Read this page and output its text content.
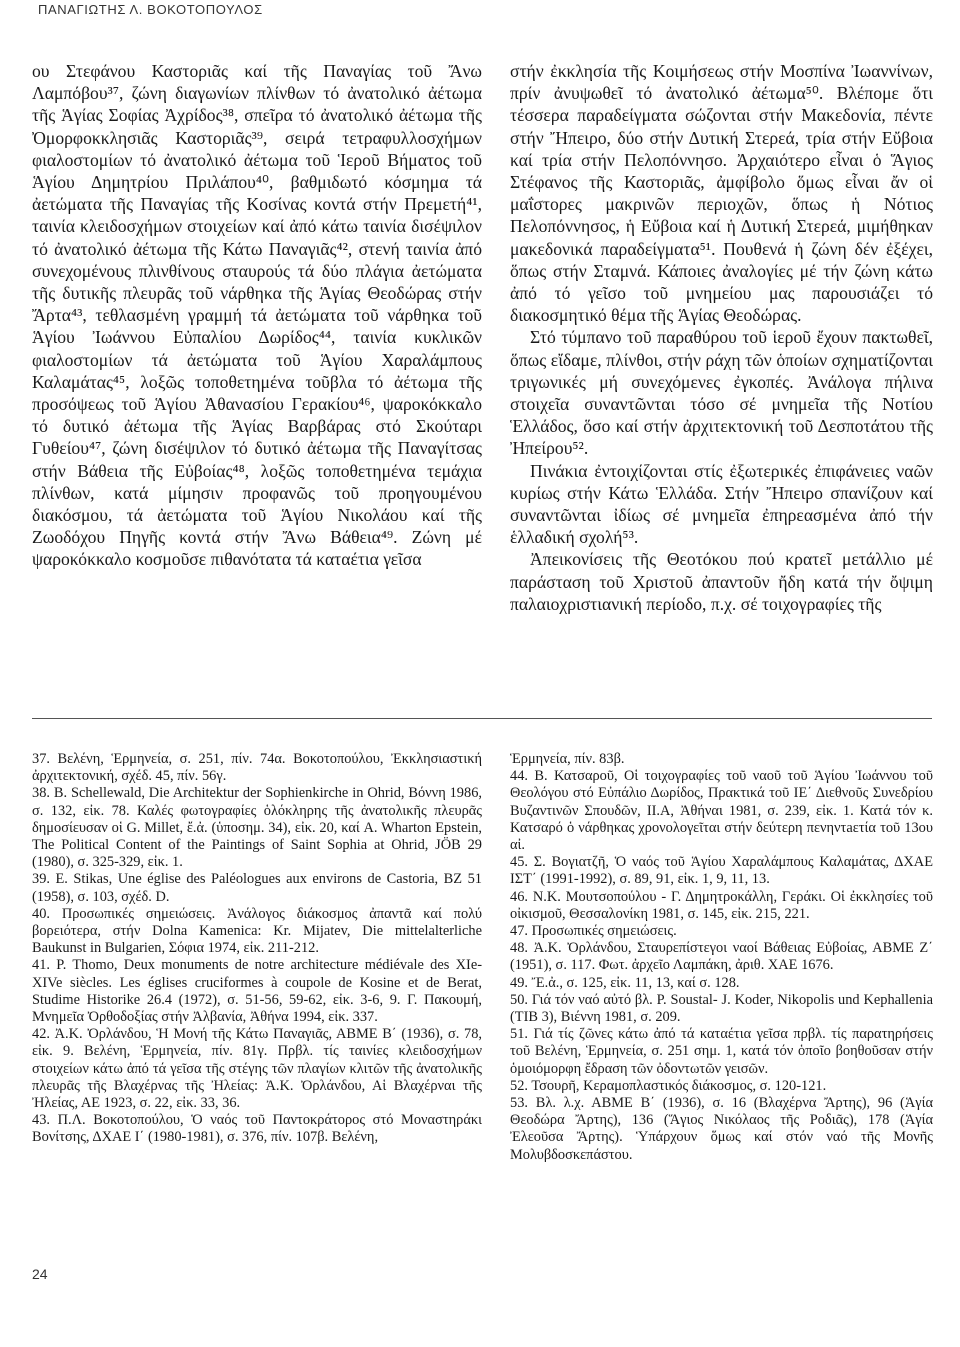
ΠΑΝΑΓΙΩΤΗΣ Λ. ΒΟΚΟΤΟΠΟΥΛΟΣ

ου Στεφάνου Καστοριᾶς καί τῆς Παναγίας τοῦ Ἄνω Λαμπόβου³⁷, ζώνη διαγωνίων πλίνθων τό ἀνατολικό ἀέτωμα τῆς Ἁγίας Σοφίας Ἀχρίδος³⁸, σπεῖρα τό ἀνατολικό ἀέτωμα τῆς Ὀμορφοκκλησιᾶς Καστοριᾶς³⁹, σειρά τετραφυλλοσχήμων φιαλοστομίων τό ἀνατολικό ἀέτωμα τοῦ Ἱεροῦ Βήματος τοῦ Ἁγίου Δημητρίου Πριλάπου⁴⁰, βαθμιδωτό κόσμημα τά ἀετώματα τῆς Παναγίας τῆς Κοσίνας κοντά στήν Πρεμετή⁴¹, ταινία κλειδοσχήμων στοιχείων καί ἀπό κάτω ταινία δισέψιλον τό ἀνατολικό ἀέτωμα τῆς Κάτω Παναγιᾶς⁴², στενή ταινία ἀπό συνεχομένους πλινθίνους σταυρούς τά δύο πλάγια ἀετώματα τῆς δυτικῆς πλευρᾶς τοῦ νάρθηκα τῆς Ἁγίας Θεοδώρας στήν Ἄρτα⁴³, τεθλασμένη γραμμή τά ἀετώματα τοῦ νάρθηκα τοῦ Ἁγίου Ἰωάννου Εὐπαλίου Δωρίδος⁴⁴, ταινία κυκλικῶν φιαλοστομίων τά ἀετώματα τοῦ Ἁγίου Χαραλάμπους Καλαμάτας⁴⁵, λοξῶς τοποθετημένα τοῦβλα τό ἀέτωμα τῆς προσόψεως τοῦ Ἁγίου Ἀθανασίου Γερακίου⁴⁶, ψαροκόκκαλο τό δυτικό ἀέτωμα τῆς Ἁγίας Βαρβάρας στό Σκούταρι Γυθείου⁴⁷, ζώνη δισέψιλον τό δυτικό ἀέτωμα τῆς Παναγίτσας στήν Βάθεια τῆς Εὐβοίας⁴⁸, λοξῶς τοποθετημένα τεμάχια πλίνθων, κατά μίμησιν προφανῶς τοῦ προηγουμένου διακόσμου, τά ἀετώματα τοῦ Ἁγίου Νικολάου καί τῆς Ζωοδόχου Πηγῆς κοντά στήν Ἄνω Βάθεια⁴⁹. Ζώνη μέ ψαροκόκκαλο κοσμοῦσε πιθανότατα τά καταέτια γεῖσα

στήν ἐκκλησία τῆς Κοιμήσεως στήν Μοσπίνα Ἰωαννίνων, πρίν ἀνυψωθεῖ τό ἀνατολικό ἀέτωμα⁵⁰. Βλέπομε ὅτι τέσσερα παραδείγματα σώζονται στήν Μακεδονία, πέντε στήν Ἤπειρο, δύο στήν Δυτική Στερεά, τρία στήν Εὔβοια καί τρία στήν Πελοπόννησο. Ἀρχαιότερο εἶναι ὁ Ἅγιος Στέφανος τῆς Καστοριᾶς, ἀμφίβολο ὅμως εἶναι ἄν οἱ μαΐστορες μακρινῶν περιοχῶν, ὅπως ἡ Νότιος Πελοπόννησος, ἡ Εὔβοια καί ἡ Δυτική Στερεά, μιμήθηκαν μακεδονικά παραδείγματα⁵¹. Πουθενά ἡ ζώνη δέν ἐξέχει, ὅπως στήν Σταμνά. Κάποιες ἀναλογίες μέ τήν ζώνη κάτω ἀπό τό γεῖσο τοῦ μνημείου μας παρουσιάζει τό διακοσμητικό θέμα τῆς Ἁγίας Θεοδώρας.

Στό τύμπανο τοῦ παραθύρου τοῦ ἱεροῦ ἔχουν πακτωθεῖ, ὅπως εἴδαμε, πλίνθοι, στήν ράχη τῶν ὁποίων σχηματίζονται τριγωνικές μή συνεχόμενες ἐγκοπές. Ἀνάλογα πήλινα στοιχεῖα συναντῶνται τόσο σέ μνημεῖα τῆς Νοτίου Ἑλλάδος, ὅσο καί στήν ἀρχιτεκτονική τοῦ Δεσποτάτου τῆς Ἠπείρου⁵².

Πινάκια ἐντοιχίζονται στίς ἐξωτερικές ἐπιφάνειες ναῶν κυρίως στήν Κάτω Ἑλλάδα. Στήν Ἤπειρο σπανίζουν καί συναντῶνται ἰδίως σέ μνημεῖα ἐπηρεασμένα ἀπό τήν ἑλλαδική σχολή⁵³.

Ἀπεικονίσεις τῆς Θεοτόκου πού κρατεῖ μετάλλιο μέ παράσταση τοῦ Χριστοῦ ἀπαντοῦν ἤδη κατά τήν ὄψιμη παλαιοχριστιανική περίοδο, π.χ. σέ τοιχογραφίες τῆς

37. Βελένη, Ἑρμηνεία, σ. 251, πίν. 74α. Βοκοτοπούλου, Ἐκκλησιαστική ἀρχιτεκτονική, σχέδ. 45, πίν. 56γ.

38. B. Schellewald, Die Architektur der Sophienkirche in Ohrid, Βόννη 1986, σ. 132, εἰκ. 78. Καλές φωτογραφίες ὁλόκληρης τῆς ἀνατολικῆς πλευρᾶς δημοσίευσαν οἱ G. Millet, ἔ.ἀ. (ὑποσημ. 34), εἰκ. 20, καί A. Wharton Epstein, The Political Content of the Paintings of Saint Sophia at Ohrid, JÖB 29 (1980), σ. 325-329, εἰκ. 1.

39. E. Stikas, Une église des Paléologues aux environs de Castoria, BZ 51 (1958), σ. 103, σχέδ. D.

40. Προσωπικές σημειώσεις. Ἀνάλογος διάκοσμος ἀπαντᾶ καί πολύ βορειότερα, στήν Dolna Kamenica: Kr. Mijatev, Die mittelalterliche Baukunst in Bulgarien, Σόφια 1974, εἰκ. 211-212.

41. P. Thomo, Deux monuments de notre architecture médiévale des XIe-XIVe siècles. Les églises cruciformes à coupole de Kosine et de Berat, Studime Historike 26.4 (1972), σ. 51-56, 59-62, εἰκ. 3-6, 9. Γ. Πακουμή, Μνημεῖα Ὀρθοδοξίας στήν Ἀλβανία, Ἀθήνα 1994, εἰκ. 337.

42. Ἀ.Κ. Ὀρλάνδου, Ἡ Μονή τῆς Κάτω Παναγιᾶς, ΑΒΜΕ Β΄ (1936), σ. 78, εἰκ. 9. Βελένη, Ἑρμηνεία, πίν. 81γ. Πρβλ. τίς ταινίες κλειδοσχήμων στοιχείων κάτω ἀπό τά γεῖσα τῆς στέγης τῶν πλαγίων κλιτῶν τῆς ἀνατολικῆς πλευρᾶς τῆς Βλαχέρνας τῆς Ἠλείας: Ἀ.Κ. Ὀρλάνδου, Αἱ Βλαχέρναι τῆς Ἠλείας, ΑΕ 1923, σ. 22, εἰκ. 33, 36.

43. Π.Λ. Βοκοτοπούλου, Ὁ ναός τοῦ Παντοκράτορος στό Μοναστηράκι Βονίτσης, ΔΧΑΕ Ι΄ (1980-1981), σ. 376, πίν. 107β. Βελένη,

Ἑρμηνεία, πίν. 83β.

44. Β. Κατσαροῦ, Οἱ τοιχογραφίες τοῦ ναοῦ τοῦ Ἁγίου Ἰωάννου τοῦ Θεολόγου στό Εὐπάλιο Δωρίδος, Πρακτικά τοῦ ΙΕ΄ Διεθνοῦς Συνεδρίου Βυζαντινῶν Σπουδῶν, ΙΙ.Α, Ἀθήναι 1981, σ. 239, εἰκ. 1. Κατά τόν κ. Κατσαρό ὁ νάρθηκας χρονολογεῖται στήν δεύτερη πενηντaετία τοῦ 13ου αἰ.

45. Σ. Βογιατζῆ, Ὁ ναός τοῦ Ἁγίου Χαραλάμπους Καλαμάτας, ΔΧΑΕ ΙΣΤ΄ (1991-1992), σ. 89, 91, εἰκ. 1, 9, 11, 13.

46. Ν.Κ. Μουτσοπούλου - Γ. Δημητροκάλλη, Γεράκι. Οἱ ἐκκλησίες τοῦ οἰκισμοῦ, Θεσσαλονίκη 1981, σ. 145, εἰκ. 215, 221.

47. Προσωπικές σημειώσεις.

48. Ἀ.Κ. Ὀρλάνδου, Σταυρεπίστεγοι ναοί Βάθειας Εὐβοίας, ΑΒΜΕ Ζ΄ (1951), σ. 117. Φωτ. ἀρχεῖο Λαμπάκη, ἀριθ. ΧΑΕ 1676.

49. Ἔ.ἀ., σ. 125, εἰκ. 11, 13, καί σ. 128.

50. Γιά τόν ναό αὐτό βλ. P. Soustal- J. Koder, Nikopolis und Kephallenia (TIB 3), Βιέννη 1981, σ. 209.

51. Γιά τίς ζῶνες κάτω ἀπό τά καταέτια γεῖσα πρβλ. τίς παρατηρήσεις τοῦ Βελένη, Ἑρμηνεία, σ. 251 σημ. 1, κατά τόν ὁποῖο βοηθοῦσαν στήν ὁμοιόμορφη ἔδραση τῶν ὀδοντωτῶν γεισῶν.

52. Τσουρῆ, Κεραμοπλαστικός διάκοσμος, σ. 120-121.

53. Βλ. λ.χ. ΑΒΜΕ Β΄ (1936), σ. 16 (Βλαχέρνα Ἄρτης), 96 (Ἁγία Θεοδώρα Ἄρτης), 136 (Ἅγιος Νικόλαος τῆς Ροδιᾶς), 178 (Ἁγία Ἐλεοῦσα Ἄρτης). Ὑπάρχουν ὅμως καί στόν ναό τῆς Μονῆς Μολυβδοσκεπάστου.

24
